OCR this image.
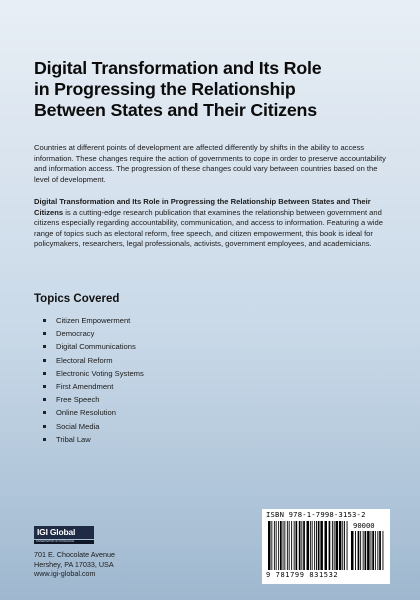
Digital Transformation and Its Role
in Progressing the Relationship
Between States and Their Citizens
Countries at different points of development are affected differently by shifts in the ability to access information. These changes require the action of governments to cope in order to preserve accountability and information access. The progression of these changes could vary between countries based on the level of development.
Digital Transformation and Its Role in Progressing the Relationship Between States and Their Citizens is a cutting-edge research publication that examines the relationship between government and citizens especially regarding accountability, communication, and access to information. Featuring a wide range of topics such as electoral reform, free speech, and citizen empowerment, this book is ideal for policymakers, researchers, legal professionals, activists, government employees, and academicians.
Topics Covered
Citizen Empowerment
Democracy
Digital Communications
Electoral Reform
Electronic Voting Systems
First Amendment
Free Speech
Online Resolution
Social Media
Tribal Law
IGI Global
DISSEMINATOR OF KNOWLEDGE
701 E. Chocolate Avenue
Hershey, PA 17033, USA
www.igi-global.com
ISBN 978-1-7998-3153-2
90000
9 781799 831532
